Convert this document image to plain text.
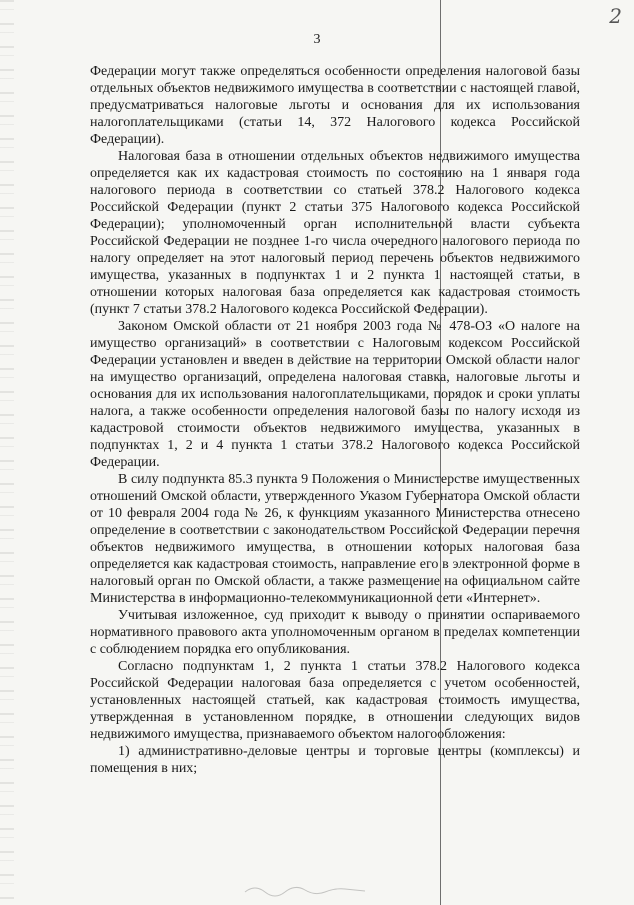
2
3

Федерации могут также определяться особенности определения налоговой базы отдельных объектов недвижимого имущества в соответствии с настоящей главой, предусматриваться налоговые льготы и основания для их использования налогоплательщиками (статьи 14, 372 Налогового кодекса Российской Федерации).

Налоговая база в отношении отдельных объектов недвижимого имущества определяется как их кадастровая стоимость по состоянию на 1 января года налогового периода в соответствии со статьей 378.2 Налогового кодекса Российской Федерации (пункт 2 статьи 375 Налогового кодекса Российской Федерации); уполномоченный орган исполнительной власти субъекта Российской Федерации не позднее 1-го числа очередного налогового периода по налогу определяет на этот налоговый период перечень объектов недвижимого имущества, указанных в подпунктах 1 и 2 пункта 1 настоящей статьи, в отношении которых налоговая база определяется как кадастровая стоимость (пункт 7 статьи 378.2 Налогового кодекса Российской Федерации).

Законом Омской области от 21 ноября 2003 года № 478-ОЗ «О налоге на имущество организаций» в соответствии с Налоговым кодексом Российской Федерации установлен и введен в действие на территории Омской области налог на имущество организаций, определена налоговая ставка, налоговые льготы и основания для их использования налогоплательщиками, порядок и сроки уплаты налога, а также особенности определения налоговой базы по налогу исходя из кадастровой стоимости объектов недвижимого имущества, указанных в подпунктах 1, 2 и 4 пункта 1 статьи 378.2 Налогового кодекса Российской Федерации.

В силу подпункта 85.3 пункта 9 Положения о Министерстве имущественных отношений Омской области, утвержденного Указом Губернатора Омской области от 10 февраля 2004 года № 26, к функциям указанного Министерства отнесено определение в соответствии с законодательством Российской Федерации перечня объектов недвижимого имущества, в отношении которых налоговая база определяется как кадастровая стоимость, направление его в электронной форме в налоговый орган по Омской области, а также размещение на официальном сайте Министерства в информационно-телекоммуникационной сети «Интернет».

Учитывая изложенное, суд приходит к выводу о принятии оспариваемого нормативного правового акта уполномоченным органом в пределах компетенции с соблюдением порядка его опубликования.

Согласно подпунктам 1, 2 пункта 1 статьи 378.2 Налогового кодекса Российской Федерации налоговая база определяется с учетом особенностей, установленных настоящей статьей, как кадастровая стоимость имущества, утвержденная в установленном порядке, в отношении следующих видов недвижимого имущества, признаваемого объектом налогообложения:

1) административно-деловые центры и торговые центры (комплексы) и помещения в них;
